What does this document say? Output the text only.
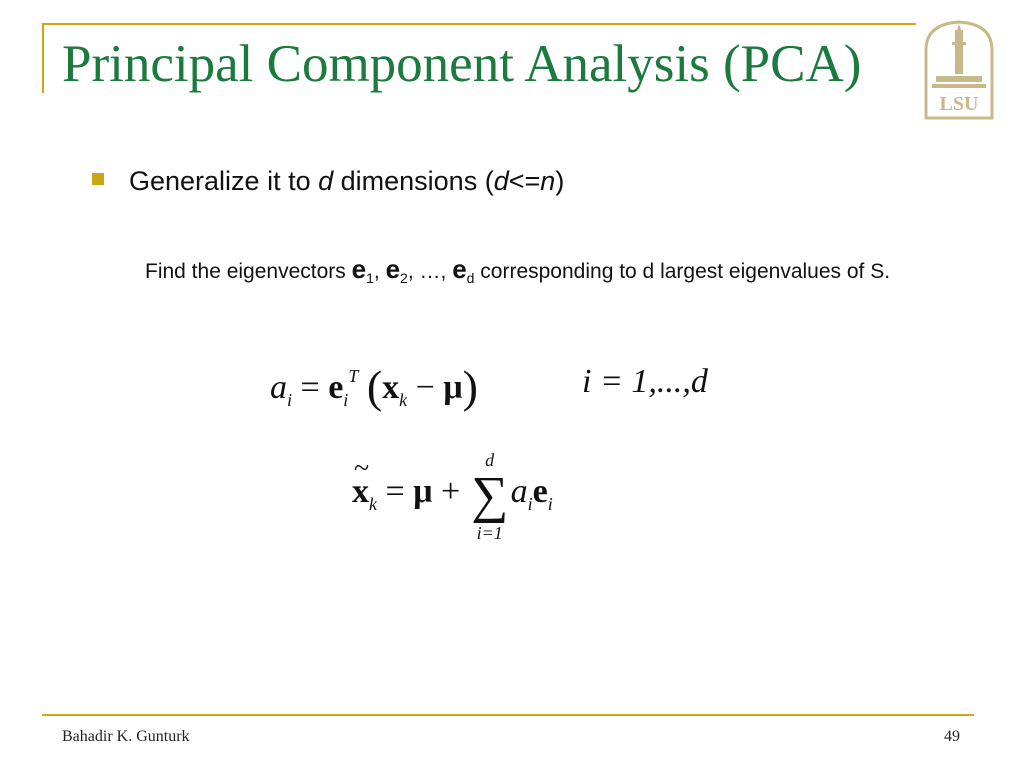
Principal Component Analysis (PCA)
LSU
Generalize it to d dimensions (d<=n)
Find the eigenvectors $e_1$, $e_2$, …, $e_d$ corresponding to d largest eigenvalues of S.
$a_i = e_i^T$ $(x_k - \mu)$	i = 1,...,d
~ $x_k = \mu$ +
d
∑
i=1
$a_ie_i$
Bahadir K. Gunturk	49
